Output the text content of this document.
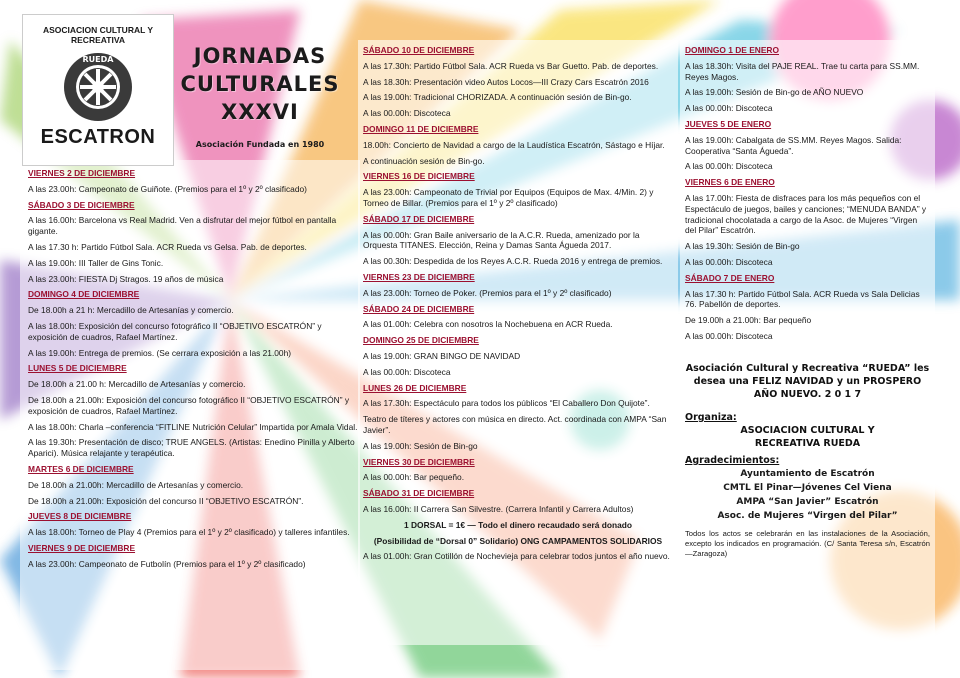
ASOCIACION CULTURAL Y RECREATIVA
RUEDA
ESCATRON
JORNADAS
CULTURALES
XXXVI
Asociación Fundada en 1980
VIERNES 2 DE DICIEMBRE
A las 23.00h: Campeonato de Guiñote. (Premios para el 1º y 2º clasificado)
SÁBADO 3 DE DICIEMBRE
A las 16.00h: Barcelona vs Real Madrid. Ven a disfrutar del mejor fútbol en pantalla gigante.
A las 17.30 h: Partido Fútbol Sala. ACR Rueda vs Gelsa. Pab. de deportes.
A las 19.00h: III Taller de Gins Tonic.
A las 23.00h: FIESTA Dj Stragos. 19 años de música
DOMINGO 4 DE DICIEMBRE
De 18.00h a 21 h: Mercadillo de Artesanías y comercio.
A las 18.00h: Exposición del concurso fotográfico II “OBJETIVO ESCATRÓN” y exposición de cuadros, Rafael Martínez.
A las 19.00h: Entrega de premios. (Se cerrara exposición a las 21.00h)
LUNES 5 DE DICIEMBRE
De 18.00h a 21.00 h: Mercadillo de Artesanías y comercio.
De 18.00h a 21.00h: Exposición del concurso fotográfico II “OBJETIVO ESCATRÓN” y exposición de cuadros, Rafael Martínez.
A las 18.00h: Charla –conferencia “FITLINE Nutrición Celular” Impartida por Amala Vidal.
A las 19.30h: Presentación de disco; TRUE ANGELS. (Artistas: Enedino Pinilla y Alberto Aparici). Música relajante y terapéutica.
MARTES 6 DE DICIEMBRE
De 18.00h a 21.00h: Mercadillo de Artesanías y comercio.
De 18.00h a 21.00h: Exposición del concurso II “OBJETIVO ESCATRÓN”.
JUEVES 8 DE DICIEMBRE
A las 18.00h: Torneo de Play 4 (Premios para el 1º y 2º clasificado) y talleres infantiles.
VIERNES 9 DE DICIEMBRE
A las 23.00h: Campeonato de Futbolín (Premios para el 1º y 2º clasificado)
SÁBADO 10 DE DICIEMBRE
A las 17.30h: Partido Fútbol Sala. ACR Rueda vs Bar Guetto. Pab. de deportes.
A las 18.30h: Presentación video Autos Locos—III Crazy Cars Escatrón 2016
A las 19.00h: Tradicional CHORIZADA. A continuación sesión de Bin-go.
A las 00.00h: Discoteca
DOMINGO 11 DE DICIEMBRE
18.00h: Concierto de Navidad a cargo de la Laudística Escatrón, Sástago e Híjar.
A continuación sesión de Bin-go.
VIERNES 16 DE DICIEMBRE
A las 23.00h: Campeonato de Trivial por Equipos (Equipos de Max. 4/Min. 2) y Torneo de Billar. (Premios para el 1º y 2º clasificado)
SÁBADO 17 DE DICIEMBRE
A las 00.00h: Gran Baile aniversario de la A.C.R. Rueda, amenizado por la Orquesta TITANES. Elección, Reina y Damas Santa Águeda 2017.
A las 00.30h: Despedida de los Reyes A.C.R. Rueda 2016 y entrega de premios.
VIERNES 23 DE DICIEMBRE
A las 23.00h: Torneo de Poker. (Premios para el 1º y 2º clasificado)
SÁBADO 24 DE DICIEMBRE
A las 01.00h: Celebra con nosotros la Nochebuena en ACR Rueda.
DOMINGO 25 DE DICIEMBRE
A las 19.00h: GRAN BINGO DE NAVIDAD
A las 00.00h: Discoteca
LUNES 26 DE DICIEMBRE
A las 17.30h: Espectáculo para todos los públicos “El Caballero Don Quijote”.
Teatro de títeres y actores con música en directo. Act. coordinada con AMPA “San Javier”.
A las 19.00h: Sesión de Bin-go
VIERNES 30 DE DICIEMBRE
A las 00.00h: Bar pequeño.
SÁBADO 31 DE DICIEMBRE
A las 16.00h: II Carrera San Silvestre. (Carrera Infantil y Carrera Adultos)
1 DORSAL = 1€ — Todo el dinero recaudado será donado
(Posibilidad de “Dorsal 0” Solidario) ONG CAMPAMENTOS SOLIDARIOS
A las 01.00h: Gran Cotillón de Nochevieja para celebrar todos juntos el año nuevo.
DOMINGO 1 DE ENERO
A las 18.30h: Visita del PAJE REAL. Trae tu carta para SS.MM. Reyes Magos.
A las 19.00h: Sesión de Bin-go de AÑO NUEVO
A las 00.00h: Discoteca
JUEVES 5 DE ENERO
A las 19.00h: Cabalgata de SS.MM. Reyes Magos. Salida: Cooperativa “Santa Águeda”.
A las 00.00h: Discoteca
VIERNES 6 DE ENERO
A las 17.00h: Fiesta de disfraces para los más pequeños con el Espectáculo de juegos, bailes y canciones; “MENUDA BANDA” y tradicional chocolatada a cargo de la Asoc. de Mujeres “Virgen del Pilar” Escatrón.
A las 19.30h: Sesión de Bin-go
A las 00.00h: Discoteca
SÁBADO 7 DE ENERO
A las 17.30 h: Partido Fútbol Sala. ACR Rueda vs Sala Delicias 76. Pabellón de deportes.
De 19.00h a 21.00h: Bar pequeño
A las 00.00h: Discoteca
Asociación Cultural y Recreativa “RUEDA” les desea una FELIZ NAVIDAD y un PROSPERO AÑO NUEVO. 2 0 1 7
Organiza:
ASOCIACION CULTURAL Y RECREATIVA RUEDA
Agradecimientos:
Ayuntamiento de Escatrón
CMTL El Pinar—Jóvenes Cel Viena
AMPA “San Javier” Escatrón
Asoc. de Mujeres “Virgen del Pilar”
Todos los actos se celebrarán en las instalaciones de la Asociación, excepto los indicados en programación. (C/ Santa Teresa s/n, Escatrón—Zaragoza)
